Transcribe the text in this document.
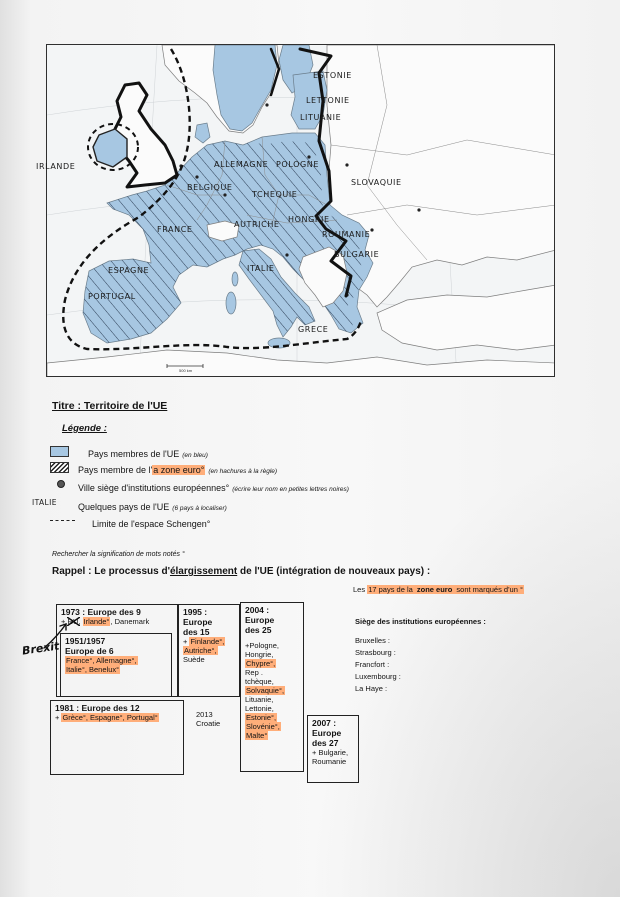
ESTONIE
LETTONIE
LITUANIE
IRLANDE	ALLEMAGNE POLOGNE
BELGIQUE
TCHEQUIE
SLOVAQUIE
FRANCE
AUTRICHE
HONGRIE
ROUMANIE
BULGARIE
ITALIE
ESPAGNE
PORTUGAL
GRECE
500 km
Titre : Territoire de l'UE
Légende :
Pays membres de l'UE (en bleu)
Pays membre de l'a zone euro° (en hachures à la règle)
Ville siège d'institutions européennes° (écrire leur nom en petites lettres noires)
ITALIE Quelques pays de l'UE (6 pays à localiser)
Limite de l'espace Schengen°
Rechercher la signification de mots notés °
Rappel : Le processus d'élargissement de l'UE (intégration de nouveaux pays) :
Les 17 pays de la zone euro sont marqués d'un °
Siège des institutions européennes :
Bruxelles :
Strasbourg :
Francfort :
Luxembourg :
La Haye :
1973 : Europe des 9
+ RU, Irlande°, Danemark
1951/1957
Europe de 6
France°, Allemagne°,
Italie°, Benelux°
1995 :
Europe
des 15
+ Finlande°,
Autriche°,
Suède
2004 :
Europe
des 25
+Pologne,
Hongrie,
Chypre°,
Rep .
tchèque,
Solvaquie°,
Lituanie,
Lettonie,
Estonie°,
Slovénie°,
Malte°
1981 : Europe des 12
+ Grèce°, Espagne°, Portugal°	2013
Croatie	2007 :
Europe
des 27
+ Bulgarie,
Roumanie
Brexit
